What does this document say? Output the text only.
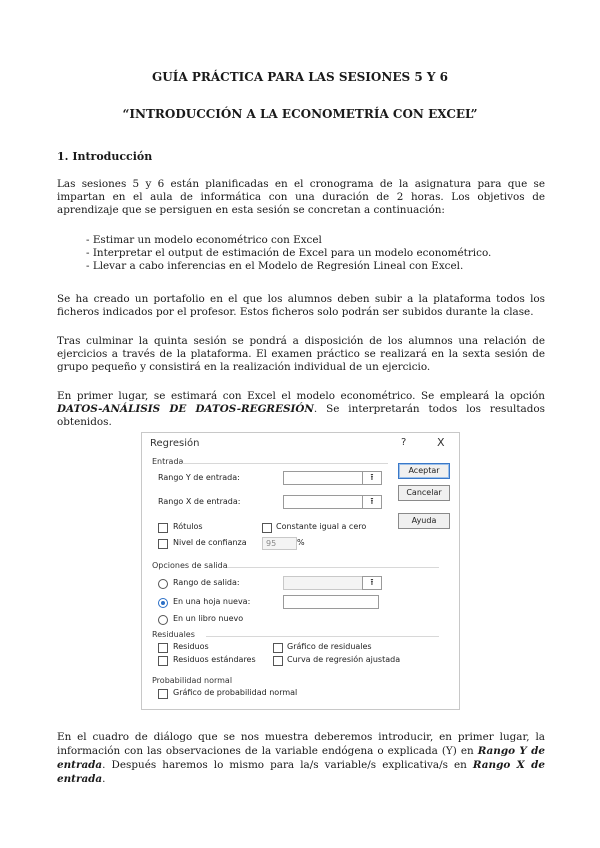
GUÍA PRÁCTICA PARA LAS SESIONES 5 Y 6
“INTRODUCCIÓN A LA ECONOMETRÍA CON EXCEL”
1. Introducción

Las sesiones 5 y 6 están planificadas en el cronograma de la asignatura para que se impartan en el aula de informática con una duración de 2 horas. Los objetivos de aprendizaje que se persiguen en esta sesión se concretan a continuación:

- Estimar un modelo econométrico con Excel
- Interpretar el output de estimación de Excel para un modelo econométrico.
- Llevar a cabo inferencias en el Modelo de Regresión Lineal con Excel.

Se ha creado un portafolio en el que los alumnos deben subir a la plataforma todos los ficheros indicados por el profesor. Estos ficheros solo podrán ser subidos durante la clase.

Tras culminar la quinta sesión se pondrá a disposición de los alumnos una relación de ejercicios a través de la plataforma. El examen práctico se realizará en la sexta sesión de grupo pequeño y consistirá en la realización individual de un ejercicio.

En primer lugar, se estimará con Excel el modelo econométrico. Se empleará la opción DATOS-ANÁLISIS DE DATOS-REGRESIÓN. Se interpretarán todos los resultados obtenidos.

Regresión	?	X
Entrada
Rango Y de entrada:	⭱
Rango X de entrada:	⭱
Rótulos	Constante igual a cero
Nivel de confianza	95	%
Aceptar
Cancelar
Ayuda
Opciones de salida
Rango de salida:	⭱
En una hoja nueva:
En un libro nuevo
Residuales
Residuos	Gráfico de residuales
Residuos estándares	Curva de regresión ajustada
Probabilidad normal
Gráfico de probabilidad normal

En el cuadro de diálogo que se nos muestra deberemos introducir, en primer lugar, la información con las observaciones de la variable endógena o explicada (Y) en Rango Y de entrada. Después haremos lo mismo para la/s variable/s explicativa/s en Rango X de entrada.
